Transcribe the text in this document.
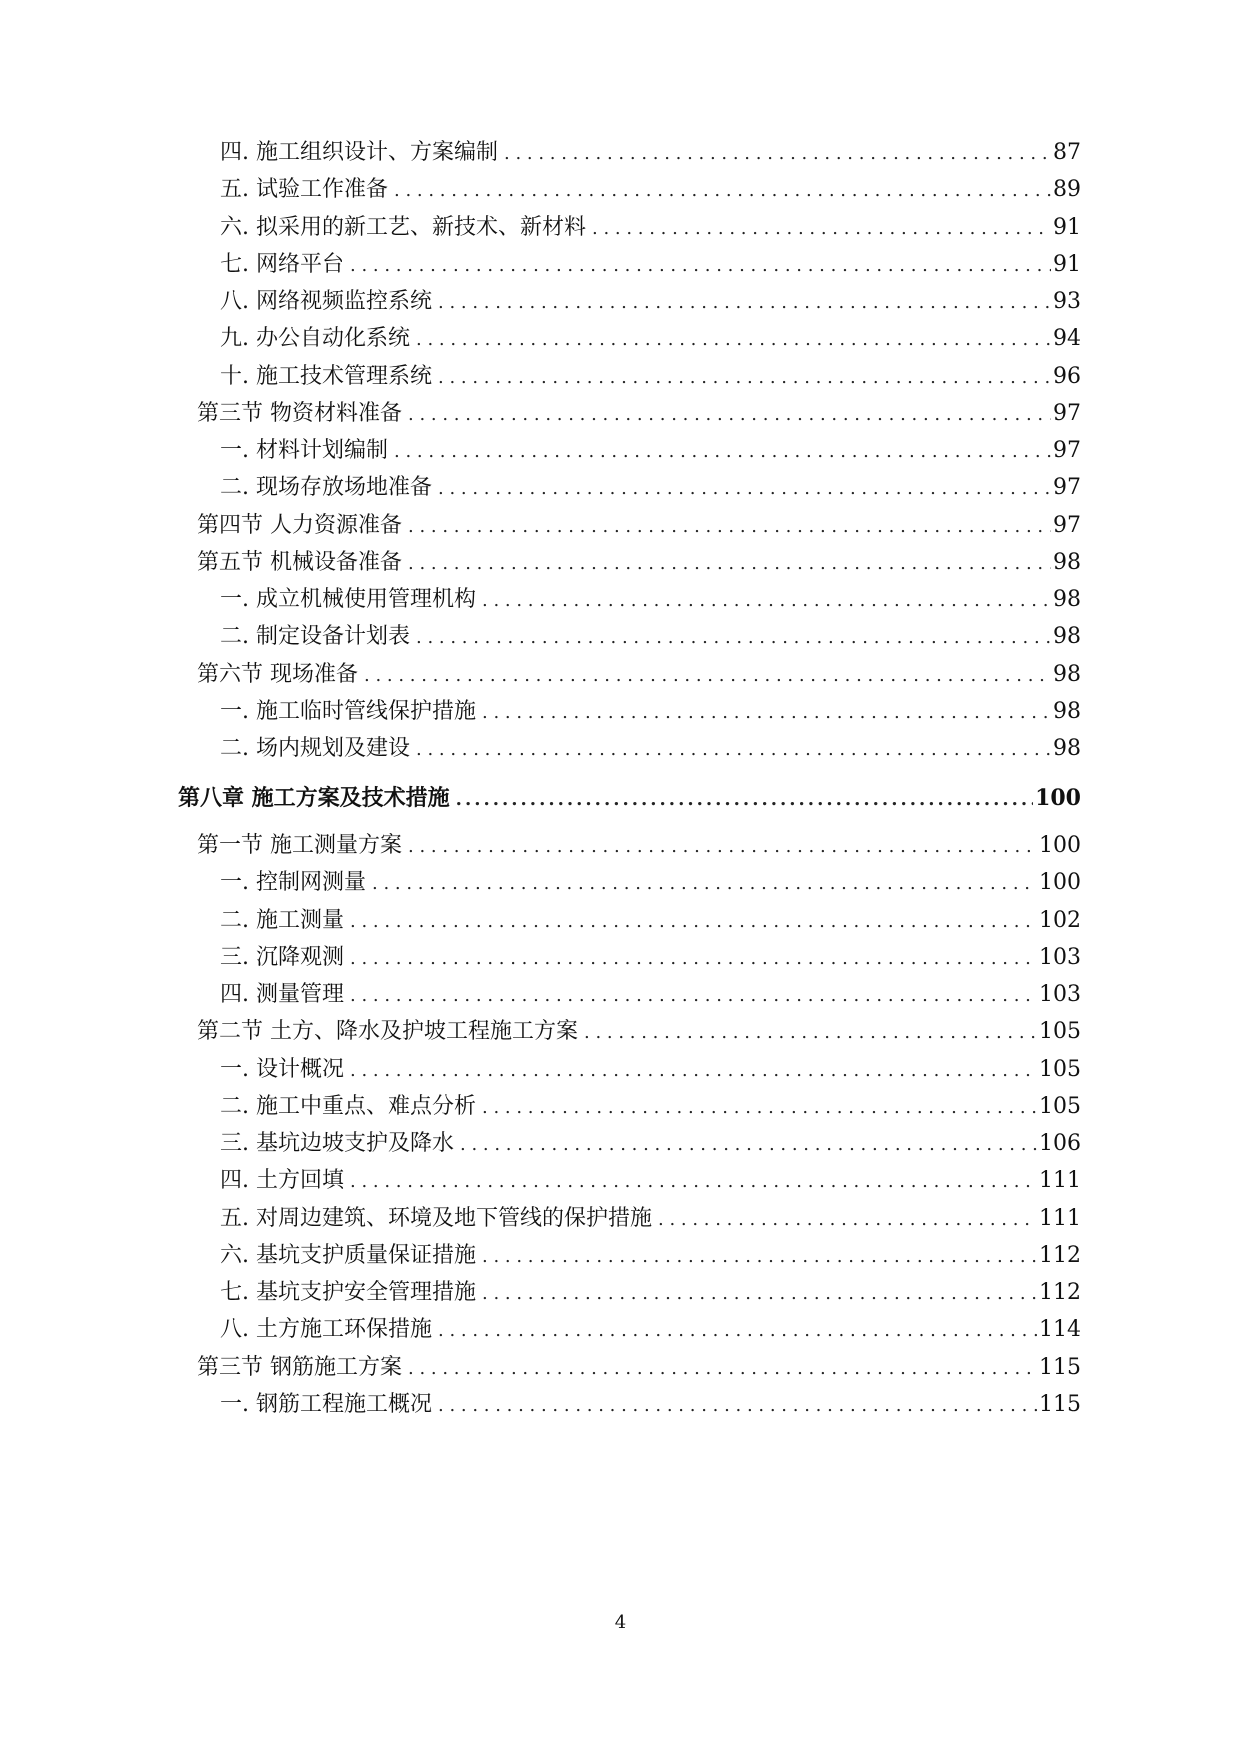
四. 施工组织设计、方案编制 . . .	87
五. 试验工作准备 . . .	89
六. 拟采用的新工艺、新技术、新材料 . . .	91
七. 网络平台 . . .	91
八. 网络视频监控系统 . . .	93
九. 办公自动化系统 . . .	94
十. 施工技术管理系统 . . .	96
第三节 物资材料准备 . . .	97
一. 材料计划编制 . . .	97
二. 现场存放场地准备 . . .	97
第四节 人力资源准备 . . .	97
第五节 机械设备准备 . . .	98
一. 成立机械使用管理机构 . . .	98
二. 制定设备计划表 . . .	98
第六节 现场准备 . . .	98
一. 施工临时管线保护措施 . . .	98
二. 场内规划及建设 . . .	98
第八章 施工方案及技术措施 .....	100
第一节 施工测量方案 . . .	100
一. 控制网测量 . . .	100
二. 施工测量 . . .	102
三. 沉降观测 . . .	103
四. 测量管理 . . .	103
第二节 土方、降水及护坡工程施工方案 . . .	105
一. 设计概况 . . .	105
二. 施工中重点、难点分析 . . .	105
三. 基坑边坡支护及降水 . . .	106
四. 土方回填 . . .	111
五. 对周边建筑、环境及地下管线的保护措施 . . .	111
六. 基坑支护质量保证措施 . . .	112
七. 基坑支护安全管理措施 . . .	112
八. 土方施工环保措施 . . .	114
第三节 钢筋施工方案 . . .	115
一. 钢筋工程施工概况 . . .	115
4
